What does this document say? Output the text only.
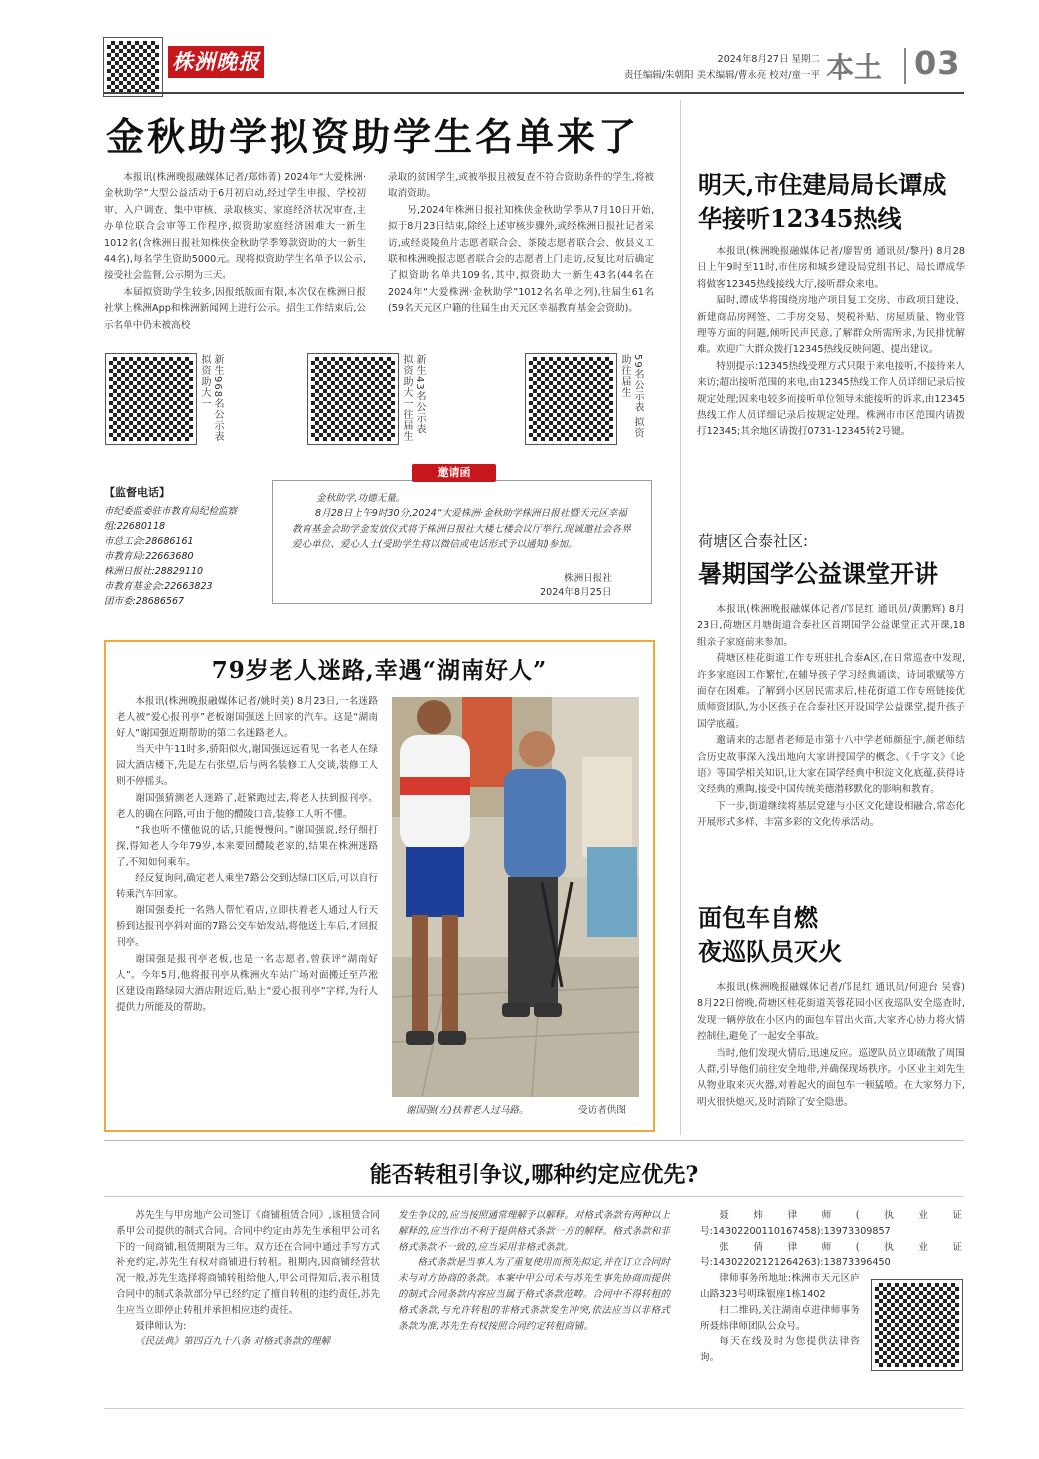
株洲晚报	2024年8月27日 星期二
责任编辑/朱朝阳 美术编辑/曹永亮 校对/童一平 本土 03
金秋助学拟资助学生名单来了

本报讯(株洲晚报融媒体记者/郑炜菁) 2024年“大爱株洲·金秋助学”大型公益活动于6月初启动,经过学生申报、学校初审、入户调查、集中审核、录取核实、家庭经济状况审查,主办单位联合会审等工作程序,拟资助家庭经济困难大一新生1012名(含株洲日报社知株侠金秋助学季筹款资助的大一新生44名),每名学生资助5000元。现将拟资助学生名单予以公示,接受社会监督,公示期为三天。

本届拟资助学生较多,因报纸版面有限,本次仅在株洲日报社掌上株洲App和株洲新闻网上进行公示。招生工作结束后,公示名单中仍未被高校

录取的贫困学生,或被举报且被复查不符合资助条件的学生,将被取消资助。

另,2024年株洲日报社知株侠金秋助学季从7月10日开始,拟于8月23日结束,除经上述审核步骤外,或经株洲日报社记者采访,或经炎陵鱼片志愿者联合会、茶陵志愿者联合会、攸县义工联和株洲晚报志愿者联合会的志愿者上门走访,反复比对后确定了拟资助名单共109名,其中,拟资助大一新生43名(44名在2024年“大爱株洲·金秋助学”1012名名单之列),往届生61名(59名天元区户籍的往届生由天元区幸福教育基金会资助)。

新生968名公示表 拟资助大一	新生43名公示表 拟资助大一往届生	59名公示表 拟资助往届生
【监督电话】
市纪委监委驻市教育局纪检监察组:22680118
市总工会:28686161
市教育局:22663680
株洲日报社:28829110
市教育基金会:22663823
团市委:28686567
邀请函
金秋助学,功德无量。
8月28日上午9时30分,2024“大爱株洲·金秋助学株洲日报社暨天元区幸福教育基金会助学金发放仪式将于株洲日报社大楼七楼会议厅举行,现诚邀社会各界爱心单位、爱心人士(受助学生将以微信或电话形式予以通知)参加。
株洲日报社
2024年8月25日
79岁老人迷路,幸遇“湖南好人”

本报讯(株洲晚报融媒体记者/姚时美) 8月23日,一名迷路老人被“爱心报刊亭”老板谢国强送上回家的汽车。这是“湖南好人”谢国强近期帮助的第二名迷路老人。

当天中午11时多,骄阳似火,谢国强远远看见一名老人在绿园大酒店楼下,先是左右张望,后与两名装修工人交谈,装修工人则不停摇头。

谢国强猜测老人迷路了,赶紧跑过去,将老人扶到报刊亭。老人的确在问路,可由于他的醴陵口音,装修工人听不懂。

“我也听不懂他说的话,只能慢慢问。”谢国强说,经仔细打探,得知老人今年79岁,本来要回醴陵老家的,结果在株洲迷路了,不知如何乘车。

经反复询问,确定老人乘坐7路公交到达绿口区后,可以自行转乘汽车回家。

谢国强委托一名熟人帮忙看店,立即扶着老人通过人行天桥到达报刊亭斜对面的7路公交车始发站,将他送上车后,才回报刊亭。

谢国强是报刊亭老板,也是一名志愿者,曾获评“湖南好人”。今年5月,他将报刊亭从株洲火车站广场对面搬迁至芦淞区建设南路绿园大酒店附近后,贴上“爱心报刊亭”字样,为行人提供力所能及的帮助。

谢国强(左)扶着老人过马路。	受访者供图
明天,市住建局局长谭成华接听12345热线

本报讯(株洲晚报融媒体记者/廖智勇 通讯员/黎丹) 8月28日上午9时至11时,市住房和城乡建设局党组书记、局长谭成华将做客12345热线接线大厅,接听群众来电。

届时,谭成华将围绕房地产项目复工交房、市政项目建设、新建商品房网签、二手房交易、契税补贴、房屋质量、物业管理等方面的问题,倾听民声民意,了解群众所需所求,为民排忧解难。欢迎广大群众拨打12345热线反映问题、提出建议。

特别提示:12345热线受理方式只限于来电接听,不接待来人来访;超出接听范围的来电,由12345热线工作人员详细记录后按规定处理;因来电较多而接听单位领导未能接听的诉求,由12345热线工作人员详细记录后按规定处理。株洲市市区范围内请拨打12345;其余地区请拨打0731-12345转2号键。

荷塘区合泰社区:
暑期国学公益课堂开讲

本报讯(株洲晚报融媒体记者/邝昆红 通讯员/黄鹏辉) 8月23日,荷塘区月塘街道合泰社区首期国学公益课堂正式开课,18组亲子家庭前来参加。

荷塘区桂花街道工作专班驻扎合泰A区,在日常巡查中发现,许多家庭因工作繁忙,在辅导孩子学习经典诵读、诗词歌赋等方面存在困难。了解到小区居民需求后,桂花街道工作专班链接优质师资团队,为小区孩子在合泰社区开设国学公益课堂,提升孩子国学底蕴。

邀请来的志愿者老师是市第十八中学老师颜征宇,颜老师结合历史故事深入浅出地向大家讲授国学的概念、《千字文》《论语》等国学相关知识,让大家在国学经典中积淀文化底蕴,获得诗文经典的熏陶,接受中国传统美德潜移默化的影响和教育。

下一步,街道继续将基层党建与小区文化建设相融合,常态化开展形式多样、丰富多彩的文化传承活动。

面包车自燃
夜巡队员灭火

本报讯(株洲晚报融媒体记者/邝昆红 通讯员/何迎台 吴睿) 8月22日傍晚,荷塘区桂花街道芙蓉花园小区夜巡队安全巡查时,发现一辆停放在小区内的面包车冒出火苗,大家齐心协力将火情控制住,避免了一起安全事故。

当时,他们发现火情后,迅速反应。巡逻队员立即疏散了周围人群,引导他们前往安全地带,并确保现场秩序。小区业主刘先生从物业取来灭火器,对着起火的面包车一顿猛喷。在大家努力下,明火很快熄灭,及时消除了安全隐患。

能否转租引争议,哪种约定应优先?

苏先生与甲房地产公司签订《商铺租赁合同》,该租赁合同系甲公司提供的制式合同。合同中约定由苏先生承租甲公司名下的一间商铺,租赁期限为三年。双方还在合同中通过手写方式补充约定,苏先生有权对商铺进行转租。租期内,因商铺经营状况一般,苏先生选择将商铺转租给他人,甲公司得知后,表示租赁合同中的制式条款部分早已经约定了擅自转租的违约责任,苏先生应当立即停止转租并承担相应违约责任。

聂律师认为:

《民法典》第四百九十八条 对格式条款的理解

发生争议的,应当按照通常理解予以解释。对格式条款有两种以上解释的,应当作出不利于提供格式条款一方的解释。格式条款和非格式条款不一致的,应当采用非格式条款。

格式条款是当事人为了重复使用而预先拟定,并在订立合同时未与对方协商的条款。本案中甲公司未与苏先生事先协商而提供的制式合同条款内容应当属于格式条款范畴。合同中不得转租的格式条款,与允许转租的非格式条款发生冲突,依法应当以非格式条款为准,苏先生有权按照合同约定转租商铺。

聂炜律师(执业证号:14302200110167458):13973309857

张倩律师(执业证号:14302202121264263):13873396450

律师事务所地址:株洲市天元区庐山路323号明珠银座1栋1402

扫二维码,关注湖南卓进律师事务所聂炜律师团队公众号。

每天在线及时为您提供法律咨询。
